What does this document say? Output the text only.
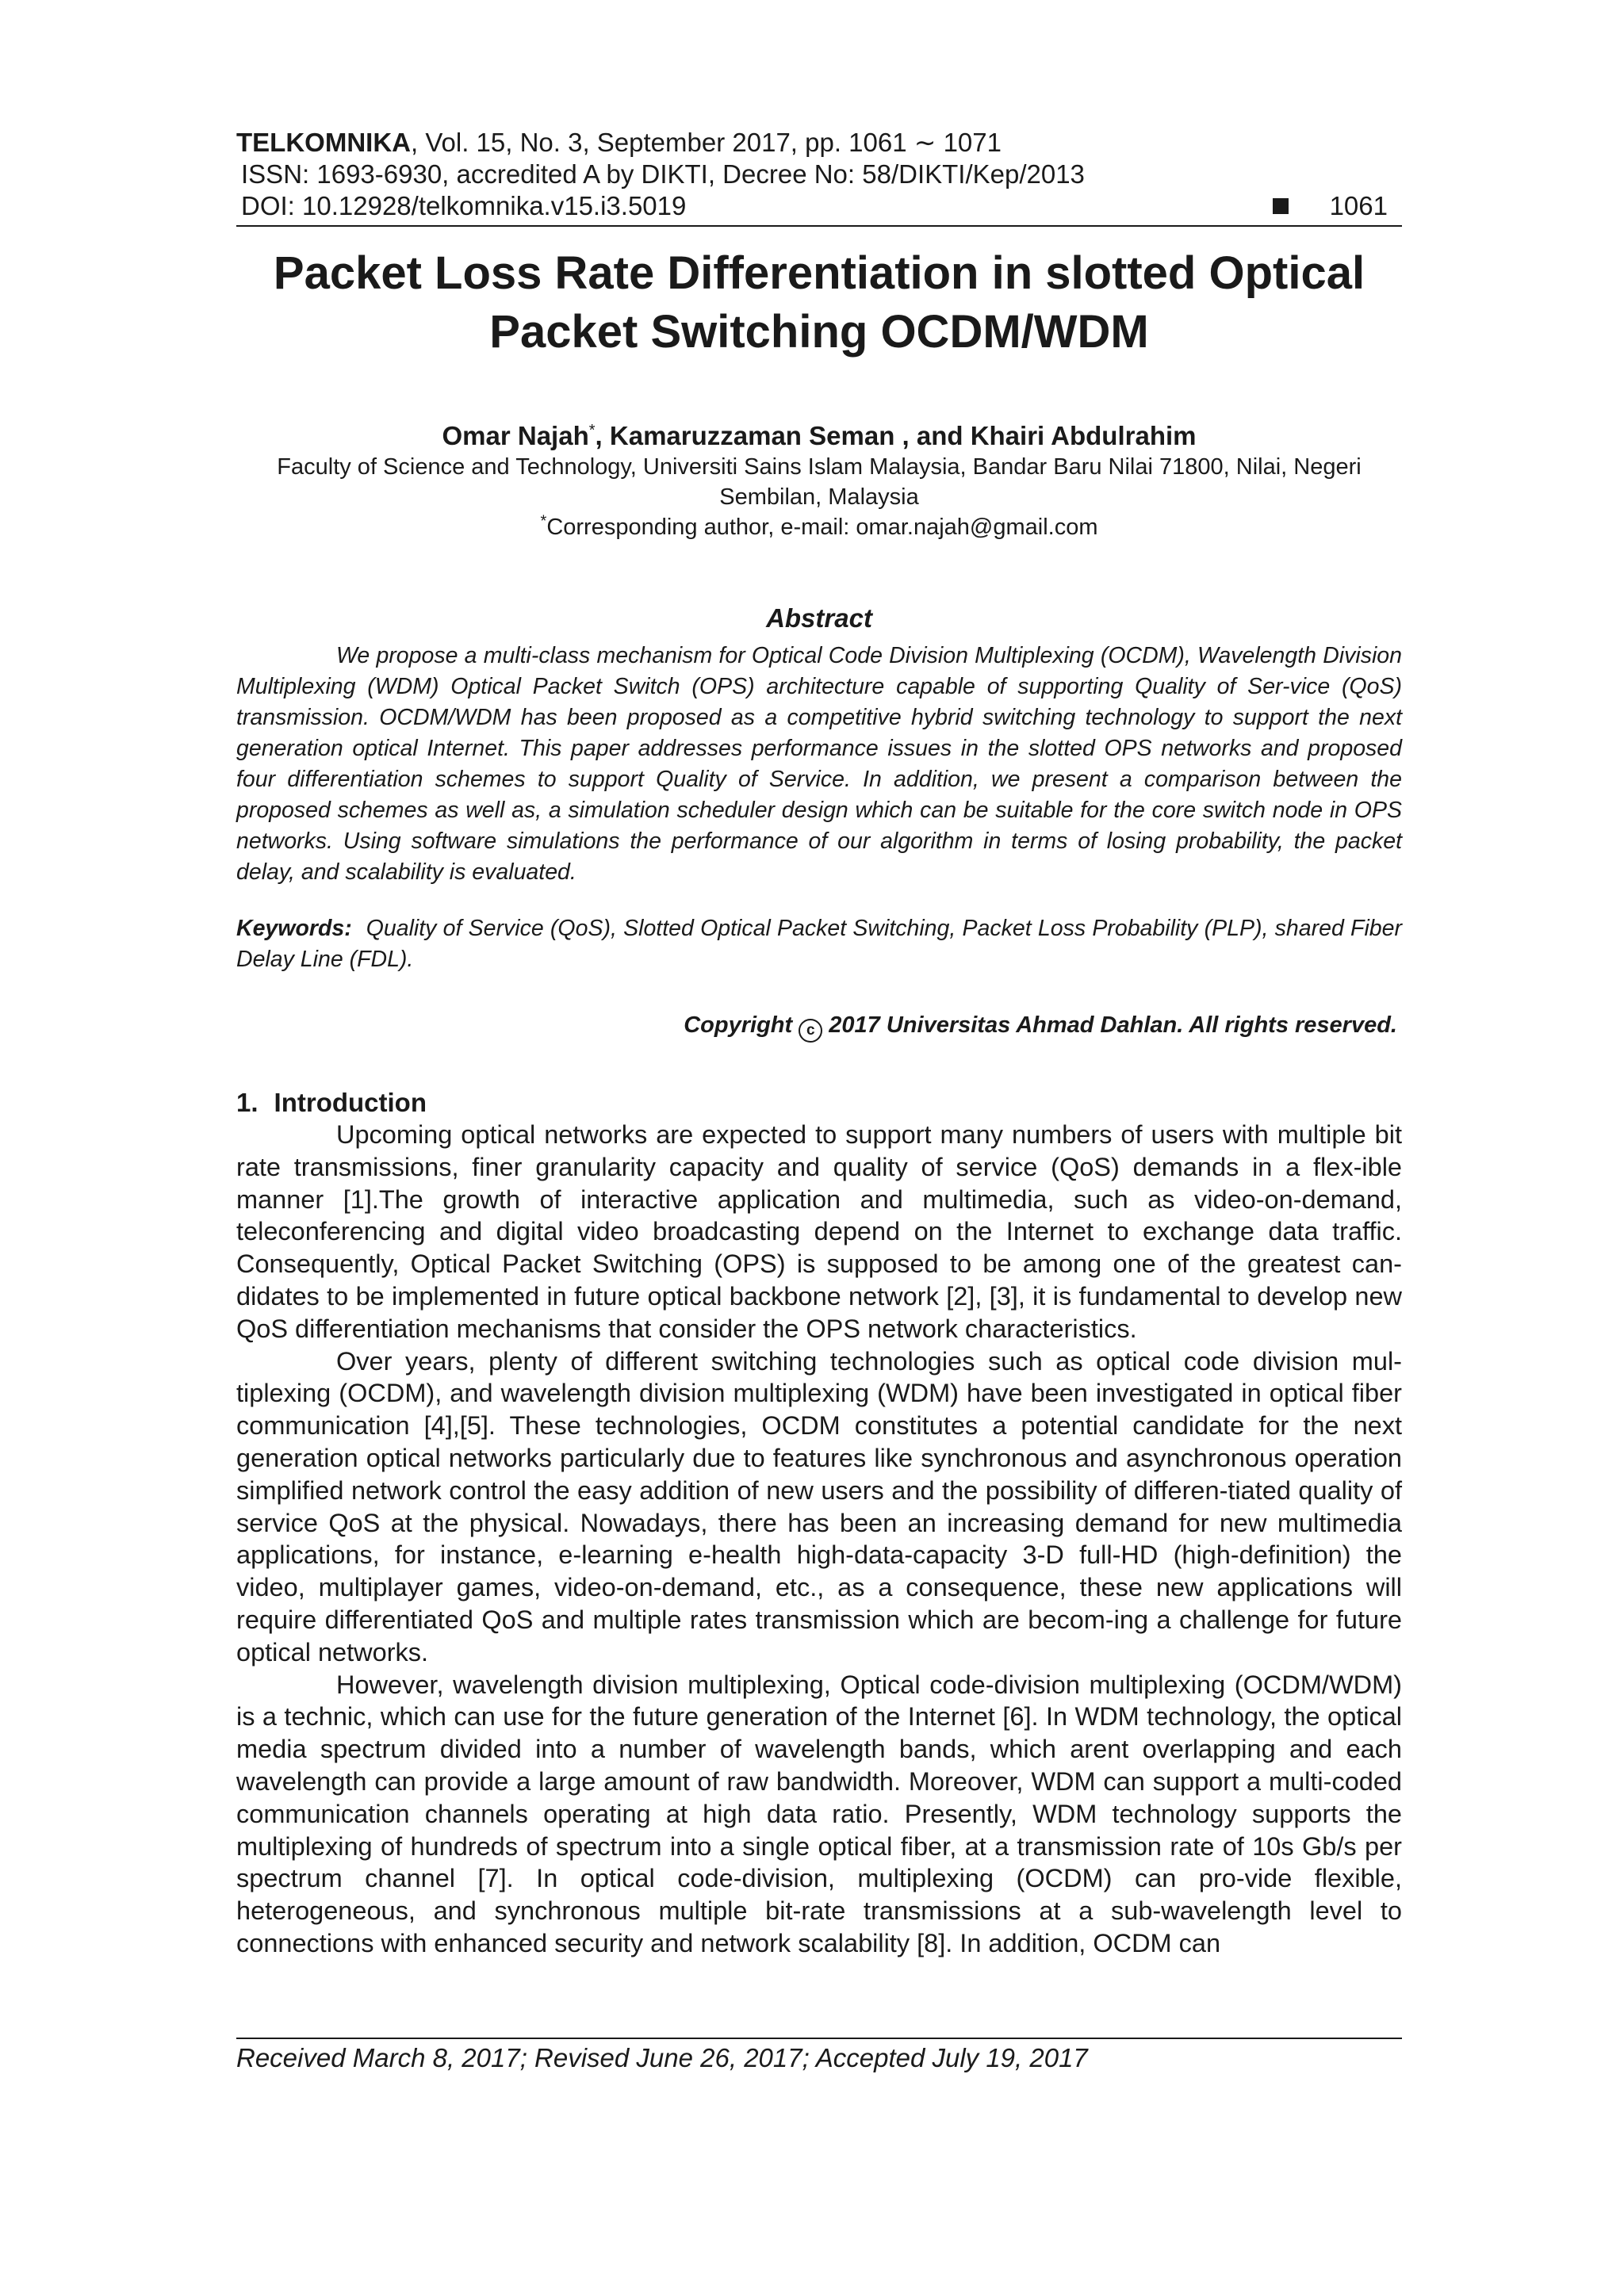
TELKOMNIKA, Vol. 15, No. 3, September 2017, pp. 1061 ∼ 1071
ISSN: 1693-6930, accredited A by DIKTI, Decree No: 58/DIKTI/Kep/2013
DOI: 10.12928/telkomnika.v15.i3.5019	1061
Packet Loss Rate Differentiation in slotted Optical Packet Switching OCDM/WDM
Omar Najah*, Kamaruzzaman Seman , and Khairi Abdulrahim
Faculty of Science and Technology, Universiti Sains Islam Malaysia, Bandar Baru Nilai 71800, Nilai, Negeri Sembilan, Malaysia
*Corresponding author, e-mail: omar.najah@gmail.com
Abstract
We propose a multi-class mechanism for Optical Code Division Multiplexing (OCDM), Wavelength Division Multiplexing (WDM) Optical Packet Switch (OPS) architecture capable of supporting Quality of Ser-vice (QoS) transmission. OCDM/WDM has been proposed as a competitive hybrid switching technology to support the next generation optical Internet. This paper addresses performance issues in the slotted OPS networks and proposed four differentiation schemes to support Quality of Service. In addition, we present a comparison between the proposed schemes as well as, a simulation scheduler design which can be suitable for the core switch node in OPS networks. Using software simulations the performance of our algorithm in terms of losing probability, the packet delay, and scalability is evaluated.
Keywords: Quality of Service (QoS), Slotted Optical Packet Switching, Packet Loss Probability (PLP), shared Fiber Delay Line (FDL).
Copyright c 2017 Universitas Ahmad Dahlan. All rights reserved.
1. Introduction

Upcoming optical networks are expected to support many numbers of users with multiple bit rate transmissions, finer granularity capacity and quality of service (QoS) demands in a flex-ible manner [1].The growth of interactive application and multimedia, such as video-on-demand, teleconferencing and digital video broadcasting depend on the Internet to exchange data traffic. Consequently, Optical Packet Switching (OPS) is supposed to be among one of the greatest can-didates to be implemented in future optical backbone network [2], [3], it is fundamental to develop new QoS differentiation mechanisms that consider the OPS network characteristics.

Over years, plenty of different switching technologies such as optical code division mul-tiplexing (OCDM), and wavelength division multiplexing (WDM) have been investigated in optical fiber communication [4],[5]. These technologies, OCDM constitutes a potential candidate for the next generation optical networks particularly due to features like synchronous and asynchronous operation simplified network control the easy addition of new users and the possibility of differen-tiated quality of service QoS at the physical. Nowadays, there has been an increasing demand for new multimedia applications, for instance, e-learning e-health high-data-capacity 3-D full-HD (high-definition) the video, multiplayer games, video-on-demand, etc., as a consequence, these new applications will require differentiated QoS and multiple rates transmission which are becom-ing a challenge for future optical networks.

However, wavelength division multiplexing, Optical code-division multiplexing (OCDM/WDM) is a technic, which can use for the future generation of the Internet [6]. In WDM technology, the optical media spectrum divided into a number of wavelength bands, which arent overlapping and each wavelength can provide a large amount of raw bandwidth. Moreover, WDM can support a multi-coded communication channels operating at high data ratio. Presently, WDM technology supports the multiplexing of hundreds of spectrum into a single optical fiber, at a transmission rate of 10s Gb/s per spectrum channel [7]. In optical code-division, multiplexing (OCDM) can pro-vide flexible, heterogeneous, and synchronous multiple bit-rate transmissions at a sub-wavelength level to connections with enhanced security and network scalability [8]. In addition, OCDM can

Received March 8, 2017; Revised June 26, 2017; Accepted July 19, 2017
